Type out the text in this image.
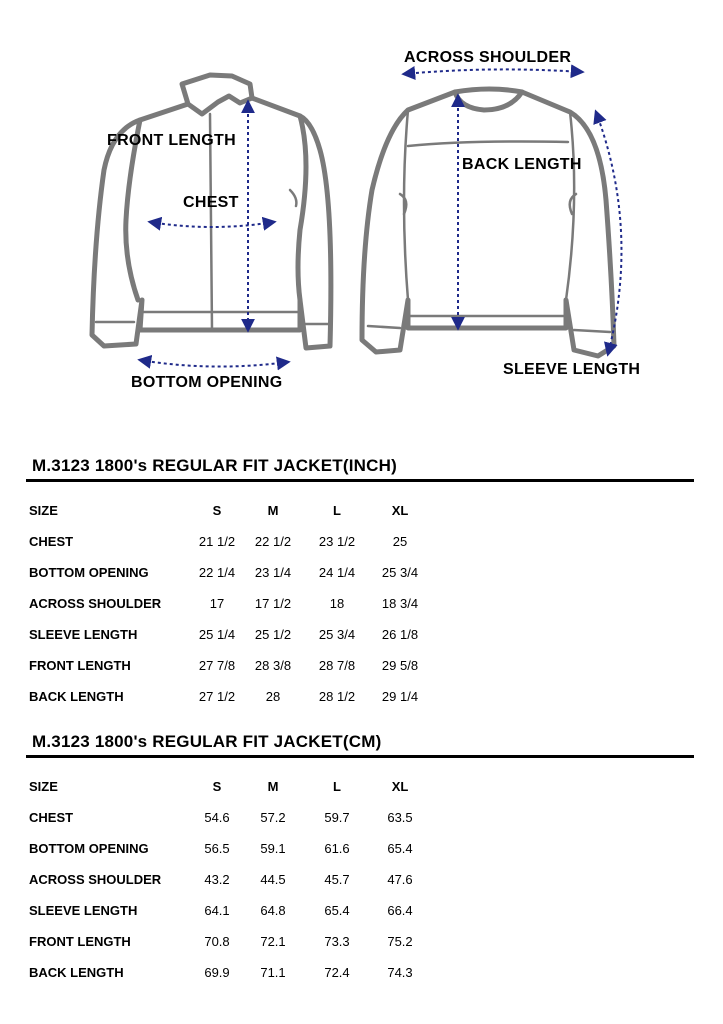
FRONT LENGTH
CHEST
BOTTOM OPENING
ACROSS SHOULDER
BACK LENGTH
SLEEVE LENGTH
M.3123 1800's REGULAR FIT JACKET(INCH)
SIZE	S	M	L	XL
CHEST	21 1/2	22 1/2	23 1/2	25
BOTTOM OPENING	22 1/4	23 1/4	24 1/4	25 3/4
ACROSS SHOULDER	17	17 1/2	18	18 3/4
SLEEVE LENGTH	25 1/4	25 1/2	25 3/4	26 1/8
FRONT LENGTH	27 7/8	28 3/8	28 7/8	29 5/8
BACK LENGTH	27 1/2	28	28 1/2	29 1/4
M.3123 1800's REGULAR FIT JACKET(CM)
SIZE	S	M	L	XL
CHEST	54.6	57.2	59.7	63.5
BOTTOM OPENING	56.5	59.1	61.6	65.4
ACROSS SHOULDER	43.2	44.5	45.7	47.6
SLEEVE LENGTH	64.1	64.8	65.4	66.4
FRONT LENGTH	70.8	72.1	73.3	75.2
BACK LENGTH	69.9	71.1	72.4	74.3
